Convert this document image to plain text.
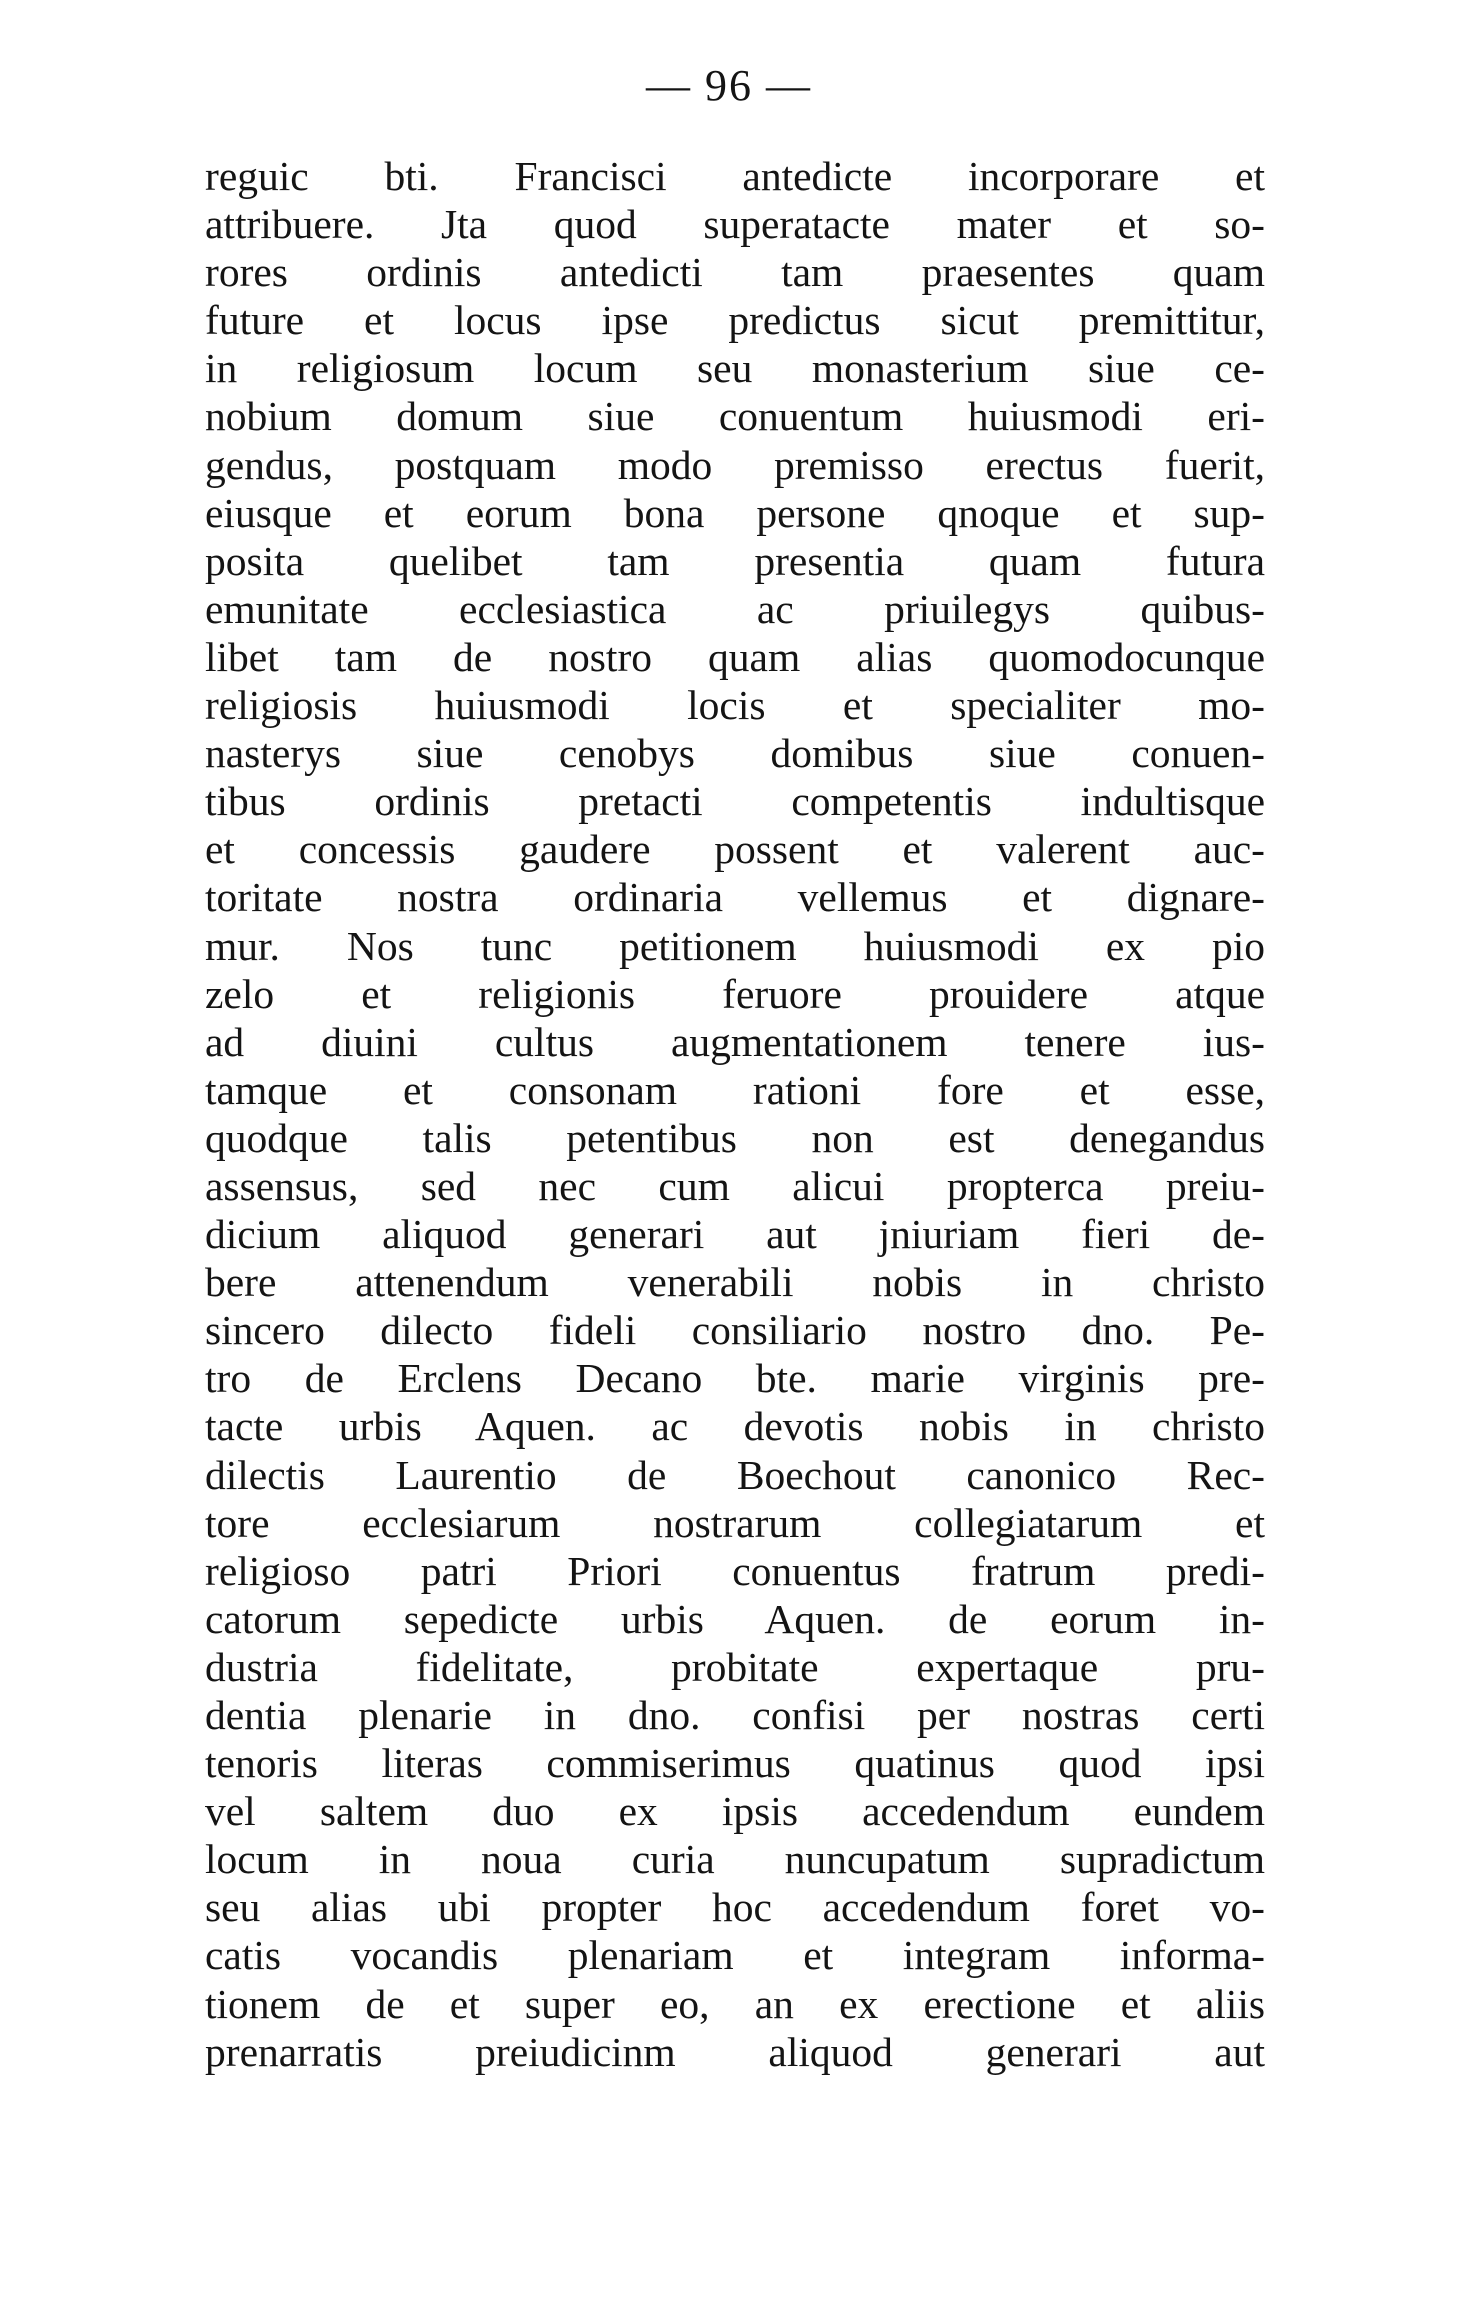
— 96 —
reguic bti. Francisci antedicte incorporare et
attribuere. Jta quod superatacte mater et so-
rores ordinis antedicti tam praesentes quam
future et locus ipse predictus sicut premittitur,
in religiosum locum seu monasterium siue ce-
nobium domum siue conuentum huiusmodi eri-
gendus, postquam modo premisso erectus fuerit,
eiusque et eorum bona persone qnoque et sup-
posita quelibet tam presentia quam futura
emunitate ecclesiastica ac priuilegys quibus-
libet tam de nostro quam alias quomodocunque
religiosis huiusmodi locis et specialiter mo-
nasterys siue cenobys domibus siue conuen-
tibus ordinis pretacti competentis indultisque
et concessis gaudere possent et valerent auc-
toritate nostra ordinaria vellemus et dignare-
mur. Nos tunc petitionem huiusmodi ex pio
zelo et religionis feruore prouidere atque
ad diuini cultus augmentationem tenere ius-
tamque et consonam rationi fore et esse,
quodque talis petentibus non est denegandus
assensus, sed nec cum alicui propterca preiu-
dicium aliquod generari aut jniuriam fieri de-
bere attenendum venerabili nobis in christo
sincero dilecto fideli consiliario nostro dno. Pe-
tro de Erclens Decano bte. marie virginis pre-
tacte urbis Aquen. ac devotis nobis in christo
dilectis Laurentio de Boechout canonico Rec-
tore ecclesiarum nostrarum collegiatarum et
religioso patri Priori conuentus fratrum predi-
catorum sepedicte urbis Aquen. de eorum in-
dustria fidelitate, probitate expertaque pru-
dentia plenarie in dno. confisi per nostras certi
tenoris literas commiserimus quatinus quod ipsi
vel saltem duo ex ipsis accedendum eundem
locum in noua curia nuncupatum supradictum
seu alias ubi propter hoc accedendum foret vo-
catis vocandis plenariam et integram informa-
tionem de et super eo, an ex erectione et aliis
prenarratis preiudicinm aliquod generari aut
